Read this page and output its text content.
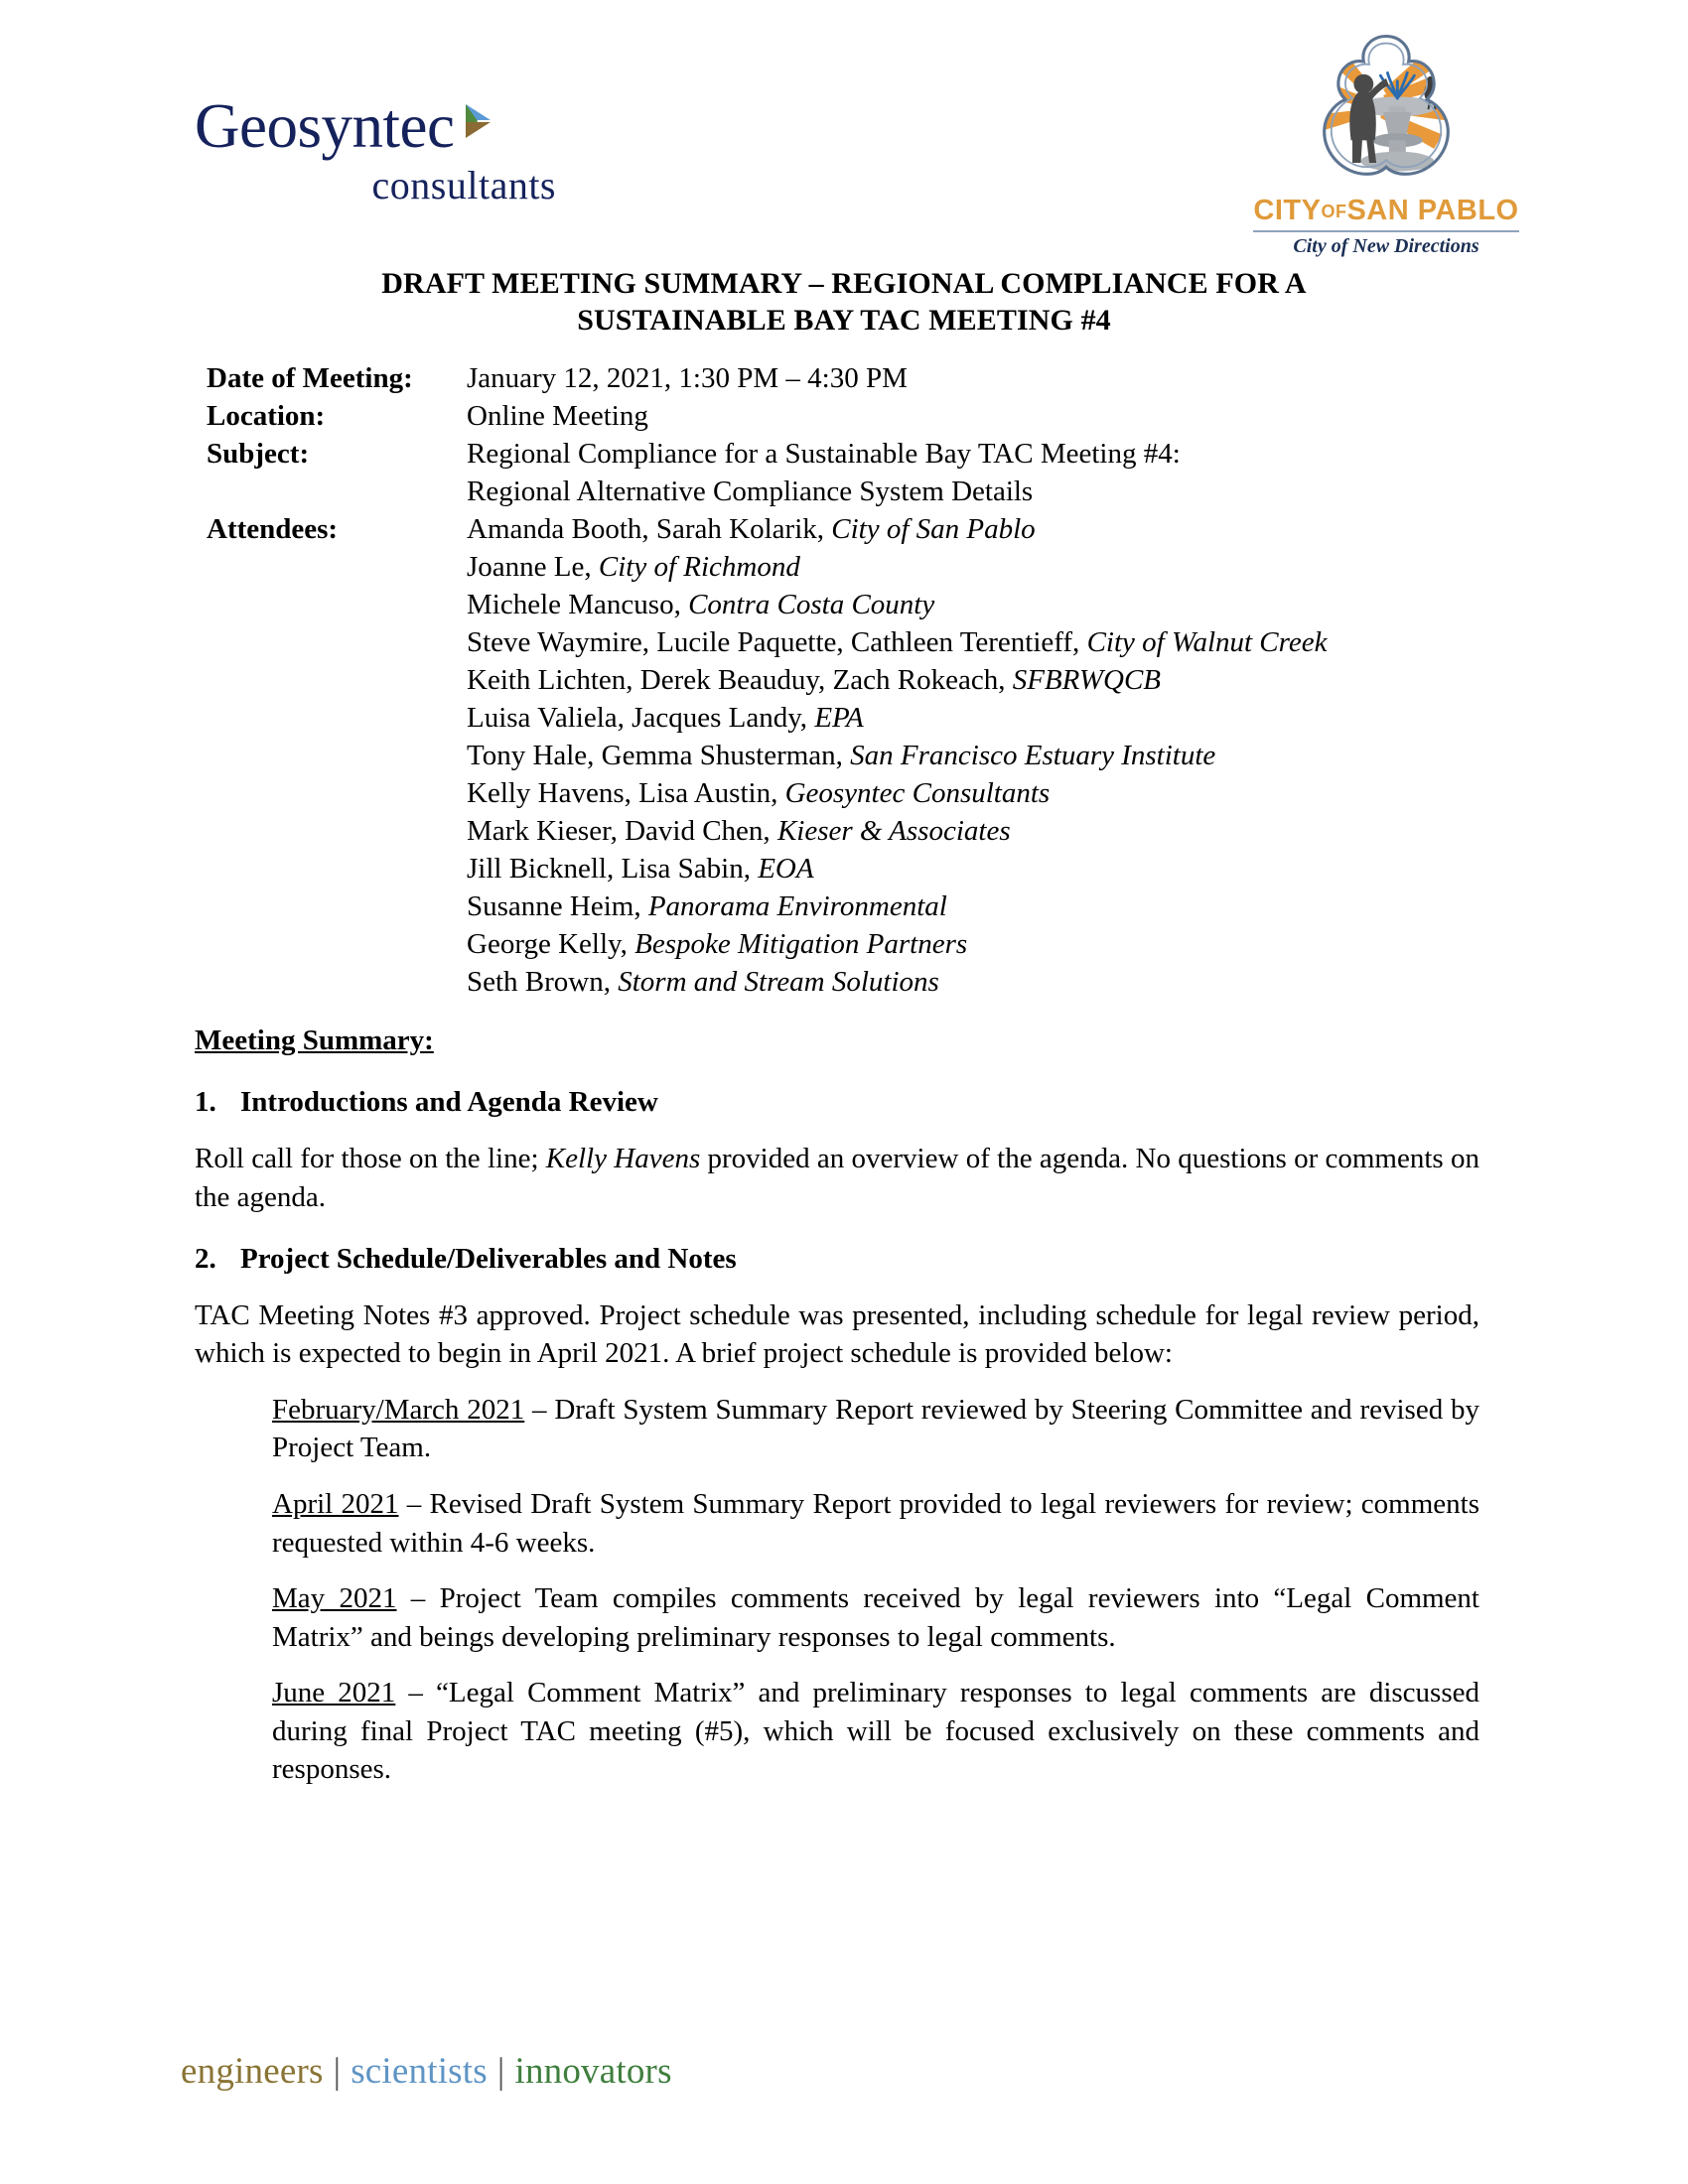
Geosyntec
consultants
CITYOFSAN PABLO
City of New Directions
DRAFT MEETING SUMMARY – REGIONAL COMPLIANCE FOR A
SUSTAINABLE BAY TAC MEETING #4
Date of Meeting:	January 12, 2021, 1:30 PM – 4:30 PM
Location:	Online Meeting
Subject:	Regional Compliance for a Sustainable Bay TAC Meeting #4:
Regional Alternative Compliance System Details
Attendees:	Amanda Booth, Sarah Kolarik, City of San Pablo
Joanne Le, City of Richmond
Michele Mancuso, Contra Costa County
Steve Waymire, Lucile Paquette, Cathleen Terentieff, City of Walnut Creek
Keith Lichten, Derek Beauduy, Zach Rokeach, SFBRWQCB
Luisa Valiela, Jacques Landy, EPA
Tony Hale, Gemma Shusterman, San Francisco Estuary Institute
Kelly Havens, Lisa Austin, Geosyntec Consultants
Mark Kieser, David Chen, Kieser & Associates
Jill Bicknell, Lisa Sabin, EOA
Susanne Heim, Panorama Environmental
George Kelly, Bespoke Mitigation Partners
Seth Brown, Storm and Stream Solutions
Meeting Summary:
1. Introductions and Agenda Review
Roll call for those on the line; Kelly Havens provided an overview of the agenda. No questions or comments on the agenda.
2. Project Schedule/Deliverables and Notes
TAC Meeting Notes #3 approved. Project schedule was presented, including schedule for legal review period, which is expected to begin in April 2021. A brief project schedule is provided below:
February/March 2021 – Draft System Summary Report reviewed by Steering Committee and revised by Project Team.
April 2021 – Revised Draft System Summary Report provided to legal reviewers for review; comments requested within 4-6 weeks.
May 2021 – Project Team compiles comments received by legal reviewers into “Legal Comment Matrix” and beings developing preliminary responses to legal comments.
June 2021 – “Legal Comment Matrix” and preliminary responses to legal comments are discussed during final Project TAC meeting (#5), which will be focused exclusively on these comments and responses.
engineers | scientists | innovators
